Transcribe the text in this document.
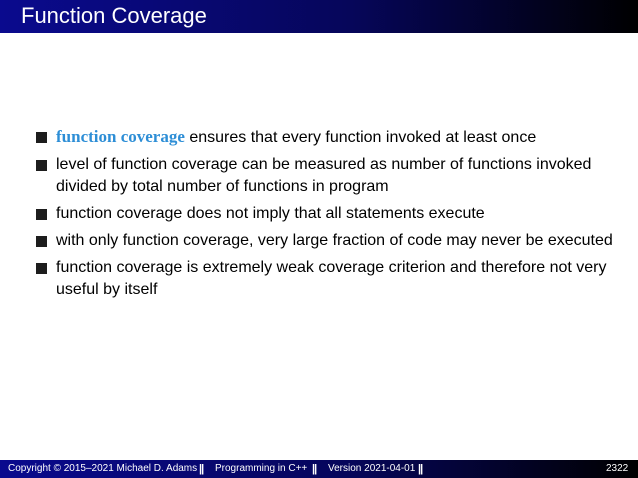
Function Coverage
function coverage ensures that every function invoked at least once
level of function coverage can be measured as number of functions invoked divided by total number of functions in program
function coverage does not imply that all statements execute
with only function coverage, very large fraction of code may never be executed
function coverage is extremely weak coverage criterion and therefore not very useful by itself
Copyright © 2015–2021 Michael D. Adams || Programming in C++ || Version 2021-04-01 ||	2322
